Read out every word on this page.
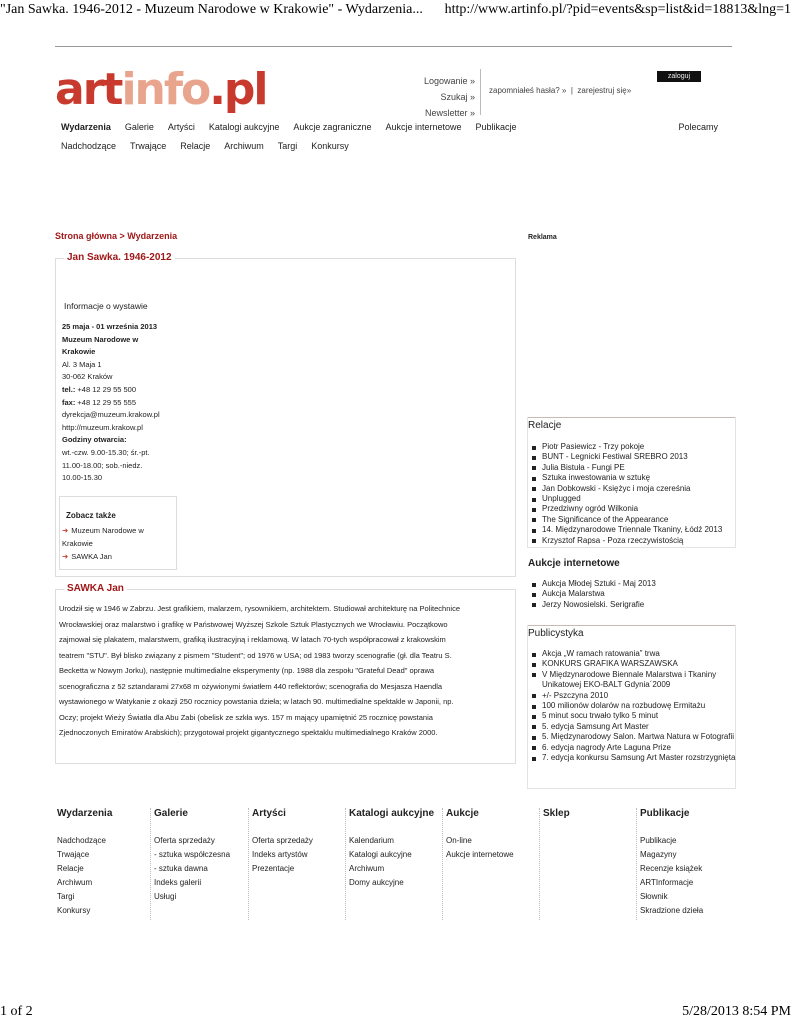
"Jan Sawka. 1946-2012 - Muzeum Narodowe w Krakowie" - Wydarzenia... http://www.artinfo.pl/?pid=events&sp=list&id=18813&lng=1
1 of 2	5/28/2013 8:54 PM
artinfo.pl	Logowanie »
Szukaj »
Newsletter »
zapomniałeś hasła? » | zarejestruj się»
zaloguj
Wydarzenia Galerie Artyści Katalogi aukcyjne Aukcje zagraniczne Aukcje internetowe Publikacje	Polecamy
Nadchodzące Trwające Relacje Archiwum Targi Konkursy
Strona główna > Wydarzenia	Reklama
Jan Sawka. 1946-2012
Informacje o wystawie
25 maja - 01 września 2013
Muzeum Narodowe w
Krakowie
Al. 3 Maja 1
30-062 Kraków
tel.: +48 12 29 55 500
fax: +48 12 29 55 555
dyrekcja@muzeum.krakow.pl
http://muzeum.krakow.pl
Godziny otwarcia:
wt.-czw. 9.00-15.30; śr.-pt.
11.00-18.00; sob.-niedz.
10.00-15.30
Zobacz także
➜ Muzeum Narodowe w
Krakowie
➜ SAWKA Jan
SAWKA Jan
Urodził się w 1946 w Zabrzu. Jest grafikiem, malarzem, rysownikiem, architektem. Studiował architekturę na Politechnice
Wrocławskiej oraz malarstwo i grafikę w Państwowej Wyższej Szkole Sztuk Plastycznych we Wrocławiu. Początkowo
zajmował się plakatem, malarstwem, grafiką ilustracyjną i reklamową. W latach 70-tych współpracował z krakowskim
teatrem "STU". Był blisko związany z pismem "Student"; od 1976 w USA; od 1983 tworzy scenografie (gł. dla Teatru S.
Becketta w Nowym Jorku), następnie multimedialne eksperymenty (np. 1988 dla zespołu "Grateful Dead" oprawa
scenograficzna z 52 sztandarami 27x68 m ożywionymi światłem 440 reflektorów; scenografia do Mesjasza Haendla
wystawionego w Watykanie z okazji 250 rocznicy powstania dzieła; w latach 90. multimedialne spektakle w Japonii, np.
Oczy; projekt Wieży Światła dla Abu Zabi (obelisk ze szkła wys. 157 m mający upamiętnić 25 rocznicę powstania
Zjednoczonych Emiratów Arabskich); przygotował projekt gigantycznego spektaklu multimedialnego Kraków 2000.
Relacje
Piotr Pasiewicz - Trzy pokoje
BUNT - Legnicki Festiwal SREBRO 2013
Julia Bistuła - Fungi PE
Sztuka inwestowania w sztukę
Jan Dobkowski - Księżyc i moja czereśnia
Unplugged
Przedziwny ogród Wilkonia
The Significance of the Appearance
14. Międzynarodowe Triennale Tkaniny, Łódź 2013
Krzysztof Rapsa - Poza rzeczywistością
Aukcje internetowe
Aukcja Młodej Sztuki - Maj 2013
Aukcja Malarstwa
Jerzy Nowosielski. Serigrafie
Publicystyka
Akcja „W ramach ratowania” trwa
KONKURS GRAFIKA WARSZAWSKA
V Międzynarodowe Biennale Malarstwa i Tkaniny Unikatowej EKO-BALT Gdynia´2009
+/- Pszczyna 2010
100 milionów dolarów na rozbudowę Ermitażu
5 minut socu trwało tylko 5 minut
5. edycja Samsung Art Master
5. Międzynarodowy Salon. Martwa Natura w Fotografii
6. edycja nagrody Arte Laguna Prize
7. edycja konkursu Samsung Art Master rozstrzygnięta
Wydarzenia
Nadchodzące
Trwające
Relacje
Archiwum
Targi
Konkursy
Galerie
Oferta sprzedaży
- sztuka współczesna
- sztuka dawna
Indeks galerii
Usługi
Artyści
Oferta sprzedaży
Indeks artystów
Prezentacje
Katalogi aukcyjne
Kalendarium
Katalogi aukcyjne
Archiwum
Domy aukcyjne
Aukcje
On-line
Aukcje internetowe
Sklep	Publikacje
Publikacje
Magazyny
Recenzje książek
ARTInformacje
Słownik
Skradzione dzieła
